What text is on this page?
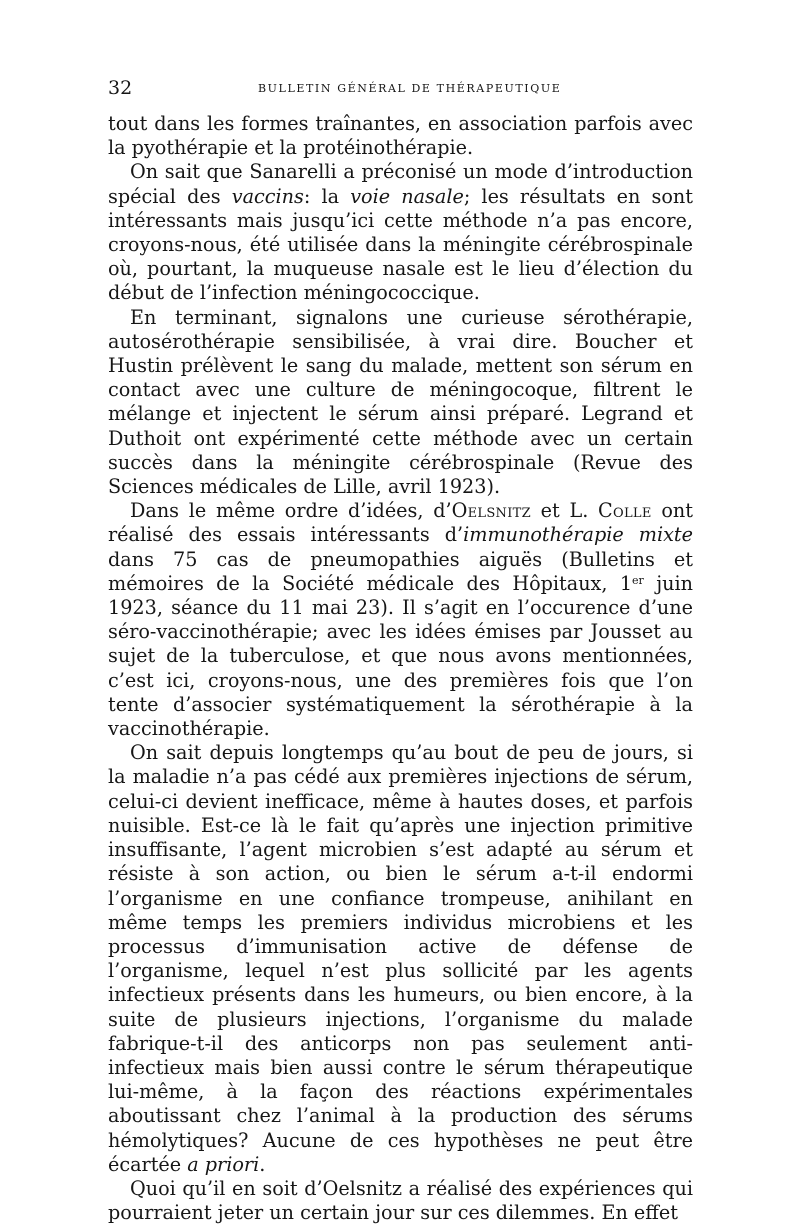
32	BULLETIN GÉNÉRAL DE THÉRAPEUTIQUE

tout dans les formes traînantes, en association parfois avec la pyothérapie et la protéinothérapie.

On sait que Sanarelli a préconisé un mode d’introduction spécial des vaccins: la voie nasale; les résultats en sont intéressants mais jusqu’ici cette méthode n’a pas encore, croyons-nous, été utilisée dans la méningite cérébrospinale où, pourtant, la muqueuse nasale est le lieu d’élection du début de l’infection méningococcique.

En terminant, signalons une curieuse sérothérapie, autosérothérapie sensibilisée, à vrai dire. Boucher et Hustin prélèvent le sang du malade, mettent son sérum en contact avec une culture de méningocoque, filtrent le mélange et injectent le sérum ainsi préparé. Legrand et Duthoit ont expérimenté cette méthode avec un certain succès dans la méningite cérébrospinale (Revue des Sciences médicales de Lille, avril 1923).

Dans le même ordre d’idées, d’Oelsnitz et L. Colle ont réalisé des essais intéressants d’immunothérapie mixte dans 75 cas de pneumopathies aiguës (Bulletins et mémoires de la Société médicale des Hôpitaux, 1er juin 1923, séance du 11 mai 23). Il s’agit en l’occurence d’une séro-vaccinothérapie; avec les idées émises par Jousset au sujet de la tuberculose, et que nous avons mentionnées, c’est ici, croyons-nous, une des premières fois que l’on tente d’associer systématiquement la sérothérapie à la vaccinothérapie.

On sait depuis longtemps qu’au bout de peu de jours, si la maladie n’a pas cédé aux premières injections de sérum, celui-ci devient inefficace, même à hautes doses, et parfois nuisible. Est-ce là le fait qu’après une injection primitive insuffisante, l’agent microbien s’est adapté au sérum et résiste à son action, ou bien le sérum a-t-il endormi l’organisme en une confiance trompeuse, anihilant en même temps les premiers individus microbiens et les processus d’immunisation active de défense de l’organisme, lequel n’est plus sollicité par les agents infectieux présents dans les humeurs, ou bien encore, à la suite de plusieurs injections, l’organisme du malade fabrique-t-il des anticorps non pas seulement anti-infectieux mais bien aussi contre le sérum thérapeutique lui-même, à la façon des réactions expérimentales aboutissant chez l’animal à la production des sérums hémolytiques? Aucune de ces hypothèses ne peut être écartée a priori.

Quoi qu’il en soit d’Oelsnitz a réalisé des expériences qui pourraient jeter un certain jour sur ces dilemmes. En effet
